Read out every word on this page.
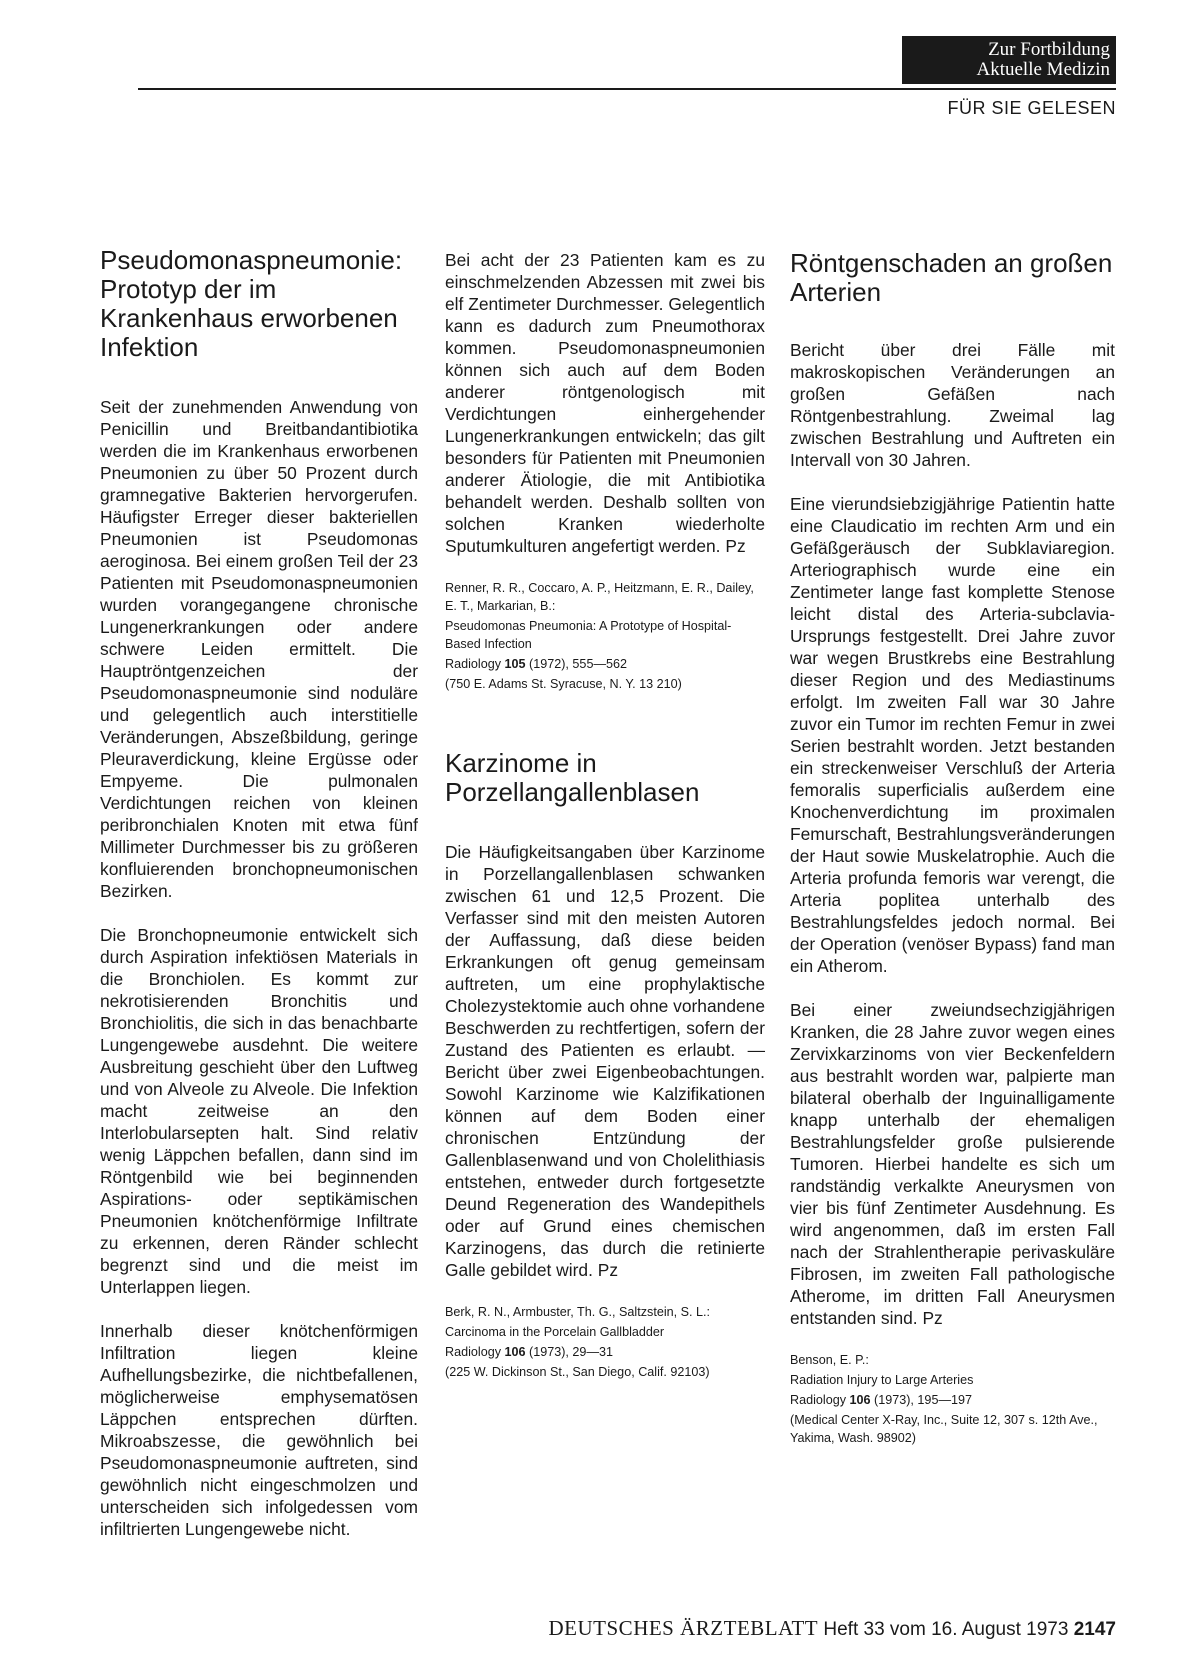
Zur Fortbildung
Aktuelle Medizin
FÜR SIE GELESEN
Pseudomonaspneumonie: Prototyp der im Krankenhaus erworbenen Infektion

Seit der zunehmenden Anwendung von Penicillin und Breitbandantibiotika werden die im Krankenhaus erworbenen Pneumonien zu über 50 Prozent durch gramnegative Bakterien hervorgerufen. Häufigster Erreger dieser bakteriellen Pneumonien ist Pseudomonas aeroginosa. Bei einem großen Teil der 23 Patienten mit Pseudomonaspneumonien wurden vorangegangene chronische Lungenerkrankungen oder andere schwere Leiden ermittelt. Die Hauptröntgenzeichen der Pseudomonaspneumonie sind noduläre und gelegentlich auch interstitielle Veränderungen, Abszeßbildung, geringe Pleuraverdickung, kleine Ergüsse oder Empyeme. Die pulmonalen Verdichtungen reichen von kleinen peribronchialen Knoten mit etwa fünf Millimeter Durchmesser bis zu größeren konfluierenden bronchopneumonischen Bezirken.

Die Bronchopneumonie entwickelt sich durch Aspiration infektiösen Materials in die Bronchiolen. Es kommt zur nekrotisierenden Bronchitis und Bronchiolitis, die sich in das benachbarte Lungengewebe ausdehnt. Die weitere Ausbreitung geschieht über den Luftweg und von Alveole zu Alveole. Die Infektion macht zeitweise an den Interlobularsepten halt. Sind relativ wenig Läppchen befallen, dann sind im Röntgenbild wie bei beginnenden Aspirations- oder septikämischen Pneumonien knötchenförmige Infiltrate zu erkennen, deren Ränder schlecht begrenzt sind und die meist im Unterlappen liegen.

Innerhalb dieser knötchenförmigen Infiltration liegen kleine Aufhellungsbezirke, die nichtbefallenen, möglicherweise emphysematösen Läppchen entsprechen dürften. Mikroabszesse, die gewöhnlich bei Pseudomonaspneumonie auftreten, sind gewöhnlich nicht eingeschmolzen und unterscheiden sich infolgedessen vom infiltrierten Lungengewebe nicht.

Bei acht der 23 Patienten kam es zu einschmelzenden Abzessen mit zwei bis elf Zentimeter Durchmesser. Gelegentlich kann es dadurch zum Pneumothorax kommen. Pseudomonaspneumonien können sich auch auf dem Boden anderer röntgenologisch mit Verdichtungen einhergehender Lungenerkrankungen entwickeln; das gilt besonders für Patienten mit Pneumonien anderer Ätiologie, die mit Antibiotika behandelt werden. Deshalb sollten von solchen Kranken wiederholte Sputumkulturen angefertigt werden. Pz

Renner, R. R., Coccaro, A. P., Heitzmann, E. R., Dailey, E. T., Markarian, B.:
Pseudomonas Pneumonia: A Prototype of Hospital-Based Infection
Radiology 105 (1972), 555—562
(750 E. Adams St. Syracuse, N. Y. 13 210)
Karzinome in Porzellangallenblasen

Die Häufigkeitsangaben über Karzinome in Porzellangallenblasen schwanken zwischen 61 und 12,5 Prozent. Die Verfasser sind mit den meisten Autoren der Auffassung, daß diese beiden Erkrankungen oft genug gemeinsam auftreten, um eine prophylaktische Cholezystektomie auch ohne vorhandene Beschwerden zu rechtfertigen, sofern der Zustand des Patienten es erlaubt. — Bericht über zwei Eigenbeobachtungen. Sowohl Karzinome wie Kalzifikationen können auf dem Boden einer chronischen Entzündung der Gallenblasenwand und von Cholelithiasis entstehen, entweder durch fortgesetzte Deund Regeneration des Wandepithels oder auf Grund eines chemischen Karzinogens, das durch die retinierte Galle gebildet wird. Pz

Berk, R. N., Armbuster, Th. G., Saltzstein, S. L.:
Carcinoma in the Porcelain Gallbladder
Radiology 106 (1973), 29—31
(225 W. Dickinson St., San Diego, Calif. 92103)
Röntgenschaden an großen Arterien

Bericht über drei Fälle mit makroskopischen Veränderungen an großen Gefäßen nach Röntgenbestrahlung. Zweimal lag zwischen Bestrahlung und Auftreten ein Intervall von 30 Jahren.

Eine vierundsiebzigjährige Patientin hatte eine Claudicatio im rechten Arm und ein Gefäßgeräusch der Subklaviaregion. Arteriographisch wurde eine ein Zentimeter lange fast komplette Stenose leicht distal des Arteria-subclavia-Ursprungs festgestellt. Drei Jahre zuvor war wegen Brustkrebs eine Bestrahlung dieser Region und des Mediastinums erfolgt. Im zweiten Fall war 30 Jahre zuvor ein Tumor im rechten Femur in zwei Serien bestrahlt worden. Jetzt bestanden ein streckenweiser Verschluß der Arteria femoralis superficialis außerdem eine Knochenverdichtung im proximalen Femurschaft, Bestrahlungsveränderungen der Haut sowie Muskelatrophie. Auch die Arteria profunda femoris war verengt, die Arteria poplitea unterhalb des Bestrahlungsfeldes jedoch normal. Bei der Operation (venöser Bypass) fand man ein Atherom.

Bei einer zweiundsechzigjährigen Kranken, die 28 Jahre zuvor wegen eines Zervixkarzinoms von vier Beckenfeldern aus bestrahlt worden war, palpierte man bilateral oberhalb der Inguinalligamente knapp unterhalb der ehemaligen Bestrahlungsfelder große pulsierende Tumoren. Hierbei handelte es sich um randständig verkalkte Aneurysmen von vier bis fünf Zentimeter Ausdehnung. Es wird angenommen, daß im ersten Fall nach der Strahlentherapie perivaskuläre Fibrosen, im zweiten Fall pathologische Atherome, im dritten Fall Aneurysmen entstanden sind. Pz

Benson, E. P.:
Radiation Injury to Large Arteries
Radiology 106 (1973), 195—197
(Medical Center X-Ray, Inc., Suite 12, 307 s. 12th Ave., Yakima, Wash. 98902)
DEUTSCHES ÄRZTEBLATT Heft 33 vom 16. August 1973 2147
